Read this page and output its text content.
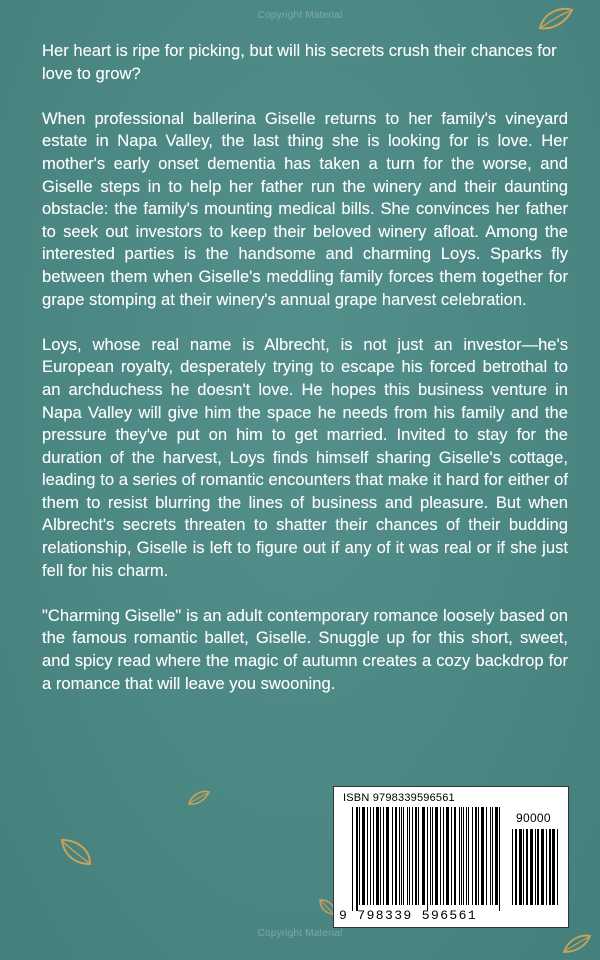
Copyright Material

Her heart is ripe for picking, but will his secrets crush their chances for love to grow?

When professional ballerina Giselle returns to her family's vineyard estate in Napa Valley, the last thing she is looking for is love. Her mother's early onset dementia has taken a turn for the worse, and Giselle steps in to help her father run the winery and their daunting obstacle: the family's mounting medical bills. She convinces her father to seek out investors to keep their beloved winery afloat. Among the interested parties is the handsome and charming Loys. Sparks fly between them when Giselle's meddling family forces them together for grape stomping at their winery's annual grape harvest celebration.

Loys, whose real name is Albrecht, is not just an investor—he's European royalty, desperately trying to escape his forced betrothal to an archduchess he doesn't love. He hopes this business venture in Napa Valley will give him the space he needs from his family and the pressure they've put on him to get married. Invited to stay for the duration of the harvest, Loys finds himself sharing Giselle's cottage, leading to a series of romantic encounters that make it hard for either of them to resist blurring the lines of business and pleasure. But when Albrecht's secrets threaten to shatter their chances of their budding relationship, Giselle is left to figure out if any of it was real or if she just fell for his charm.

"Charming Giselle" is an adult contemporary romance loosely based on the famous romantic ballet, Giselle. Snuggle up for this short, sweet, and spicy read where the magic of autumn creates a cozy backdrop for a romance that will leave you swooning.

ISBN 9798339596561
90000
9 798339 596561
Copyright Material
